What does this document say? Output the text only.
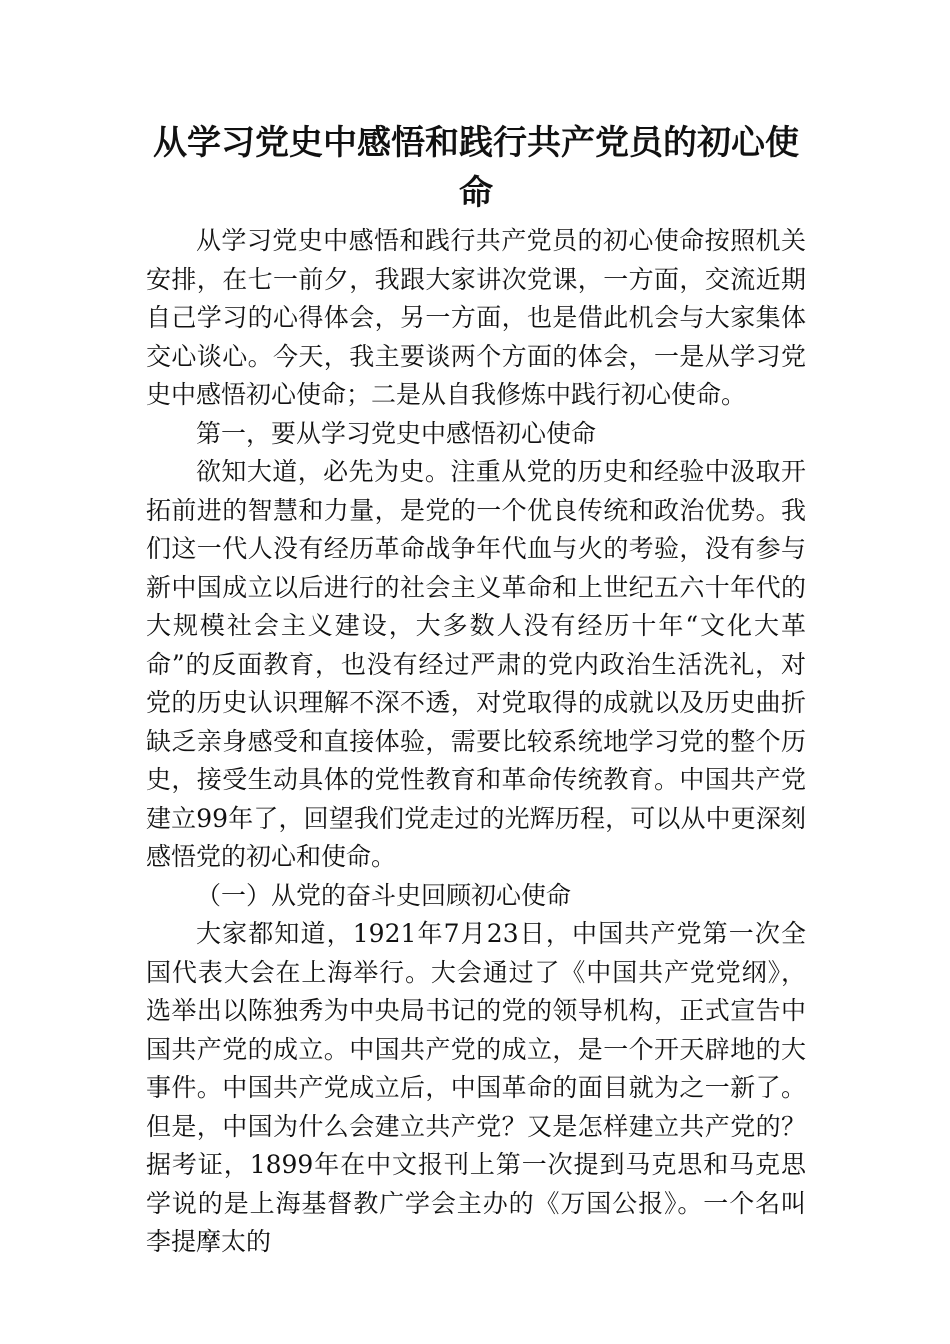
从学习党史中感悟和践行共产党员的初心使命

从学习党史中感悟和践行共产党员的初心使命按照机关安排，在七一前夕，我跟大家讲次党课，一方面，交流近期自己学习的心得体会，另一方面，也是借此机会与大家集体交心谈心。今天，我主要谈两个方面的体会，一是从学习党史中感悟初心使命；二是从自我修炼中践行初心使命。

第一，要从学习党史中感悟初心使命

欲知大道，必先为史。注重从党的历史和经验中汲取开拓前进的智慧和力量，是党的一个优良传统和政治优势。我们这一代人没有经历革命战争年代血与火的考验，没有参与新中国成立以后进行的社会主义革命和上世纪五六十年代的大规模社会主义建设，大多数人没有经历十年“文化大革命”的反面教育，也没有经过严肃的党内政治生活洗礼，对党的历史认识理解不深不透，对党取得的成就以及历史曲折缺乏亲身感受和直接体验，需要比较系统地学习党的整个历史，接受生动具体的党性教育和革命传统教育。中国共产党建立99年了，回望我们党走过的光辉历程，可以从中更深刻感悟党的初心和使命。

（一）从党的奋斗史回顾初心使命

大家都知道，1921年7月23日，中国共产党第一次全国代表大会在上海举行。大会通过了《中国共产党党纲》，选举出以陈独秀为中央局书记的党的领导机构，正式宣告中国共产党的成立。中国共产党的成立，是一个开天辟地的大事件。中国共产党成立后，中国革命的面目就为之一新了。但是，中国为什么会建立共产党？又是怎样建立共产党的？据考证，1899年在中文报刊上第一次提到马克思和马克思学说的是上海基督教广学会主办的《万国公报》。一个名叫李提摩太的
